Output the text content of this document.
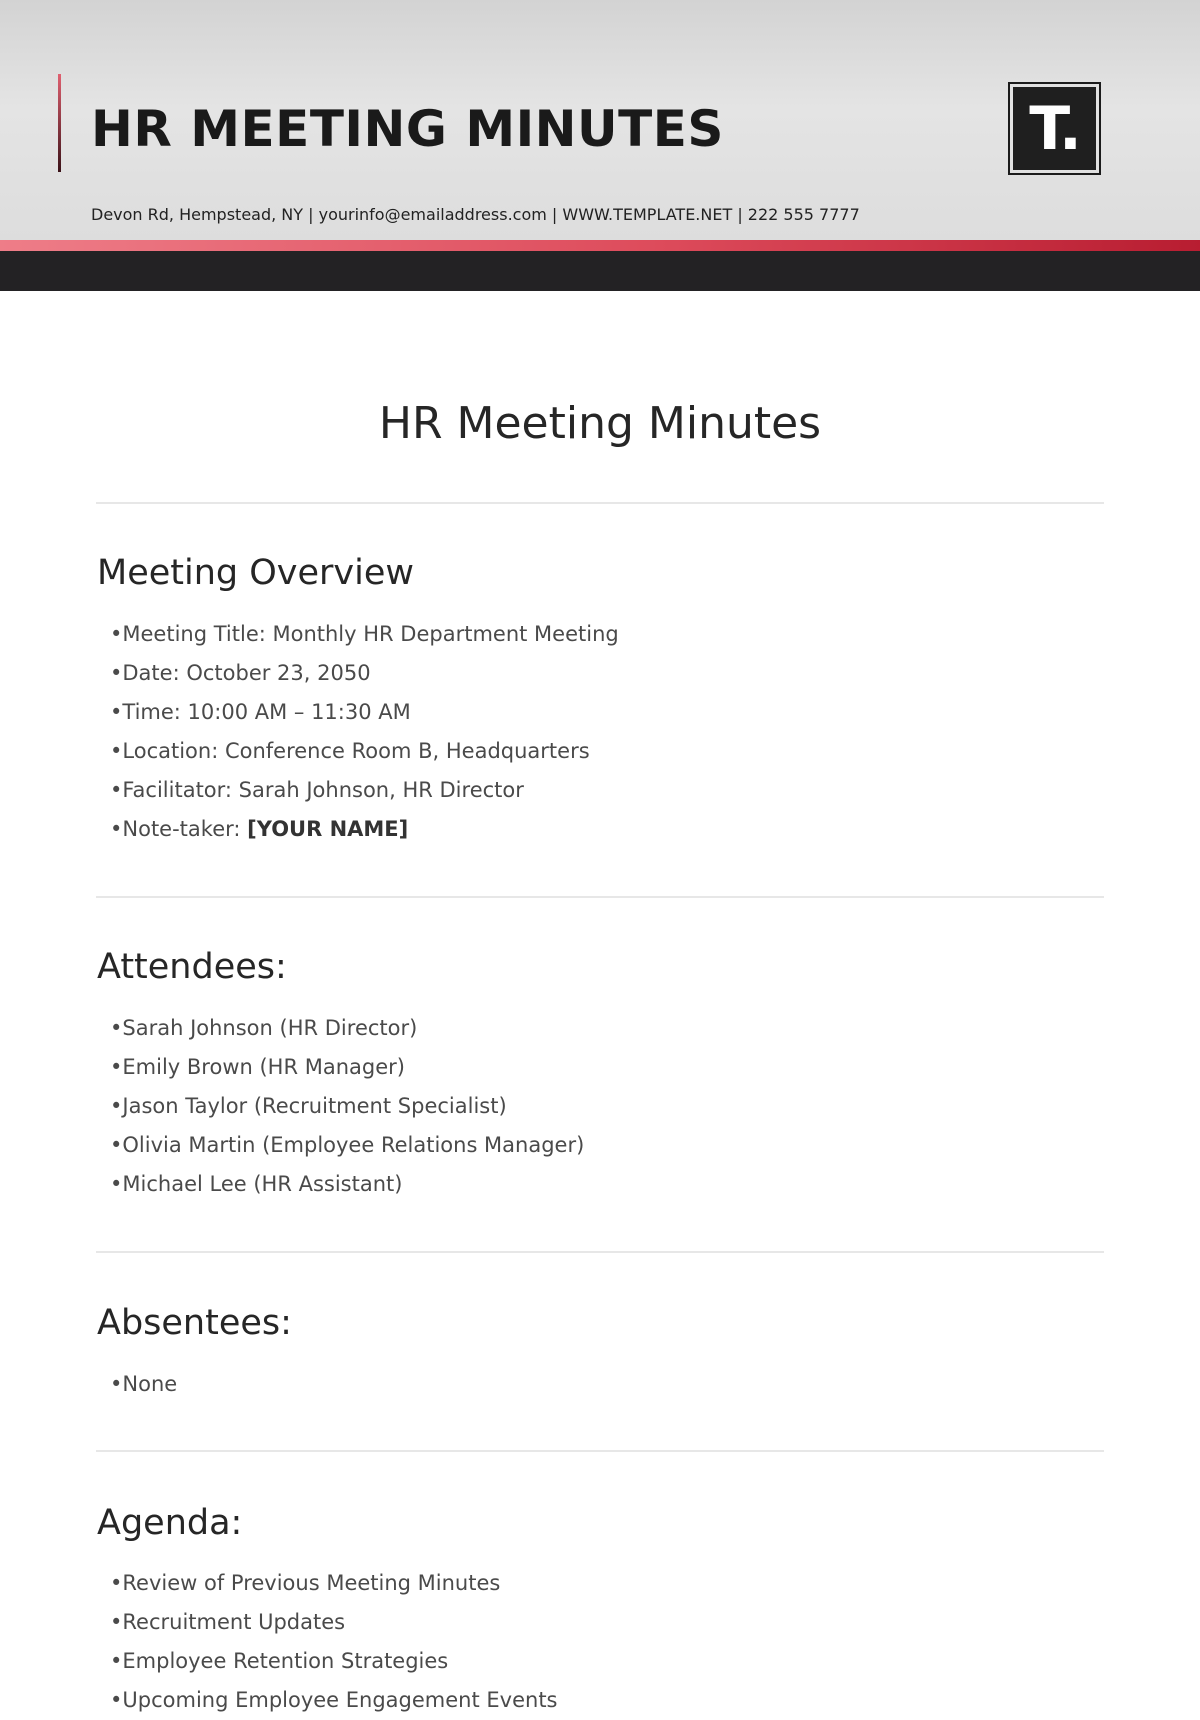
HR MEETING MINUTES
Devon Rd, Hempstead, NY | yourinfo@emailaddress.com | WWW.TEMPLATE.NET | 222 555 7777
T.
HR Meeting Minutes
Meeting Overview
•Meeting Title: Monthly HR Department Meeting
•Date: October 23, 2050
•Time: 10:00 AM – 11:30 AM
•Location: Conference Room B, Headquarters
•Facilitator: Sarah Johnson, HR Director
•Note-taker: [YOUR NAME]
Attendees:
•Sarah Johnson (HR Director)
•Emily Brown (HR Manager)
•Jason Taylor (Recruitment Specialist)
•Olivia Martin (Employee Relations Manager)
•Michael Lee (HR Assistant)
Absentees:
•None
Agenda:
•Review of Previous Meeting Minutes
•Recruitment Updates
•Employee Retention Strategies
•Upcoming Employee Engagement Events
